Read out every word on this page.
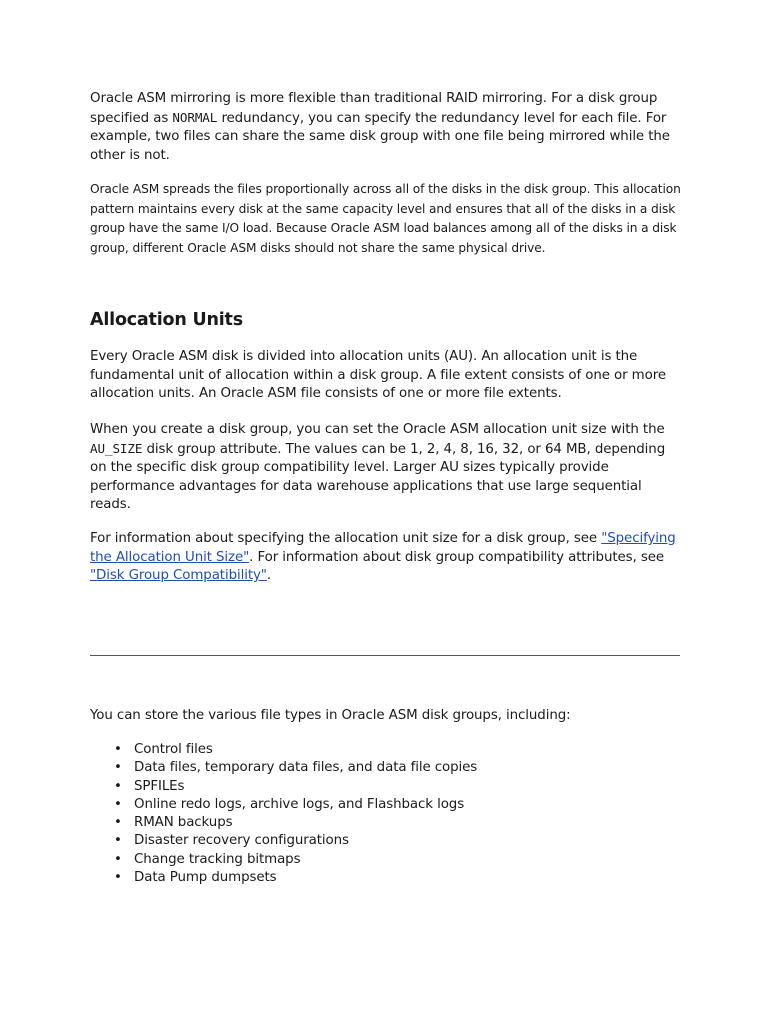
Oracle ASM mirroring is more flexible than traditional RAID mirroring. For a disk group specified as NORMAL redundancy, you can specify the redundancy level for each file. For example, two files can share the same disk group with one file being mirrored while the other is not.

Oracle ASM spreads the files proportionally across all of the disks in the disk group. This allocation pattern maintains every disk at the same capacity level and ensures that all of the disks in a disk group have the same I/O load. Because Oracle ASM load balances among all of the disks in a disk group, different Oracle ASM disks should not share the same physical drive.

Allocation Units

Every Oracle ASM disk is divided into allocation units (AU). An allocation unit is the fundamental unit of allocation within a disk group. A file extent consists of one or more allocation units. An Oracle ASM file consists of one or more file extents.

When you create a disk group, you can set the Oracle ASM allocation unit size with the AU_SIZE disk group attribute. The values can be 1, 2, 4, 8, 16, 32, or 64 MB, depending on the specific disk group compatibility level. Larger AU sizes typically provide performance advantages for data warehouse applications that use large sequential reads.

For information about specifying the allocation unit size for a disk group, see "Specifying the Allocation Unit Size". For information about disk group compatibility attributes, see "Disk Group Compatibility".

You can store the various file types in Oracle ASM disk groups, including:

• Control files
• Data files, temporary data files, and data file copies
• SPFILEs
• Online redo logs, archive logs, and Flashback logs
• RMAN backups
• Disaster recovery configurations
• Change tracking bitmaps
• Data Pump dumpsets
